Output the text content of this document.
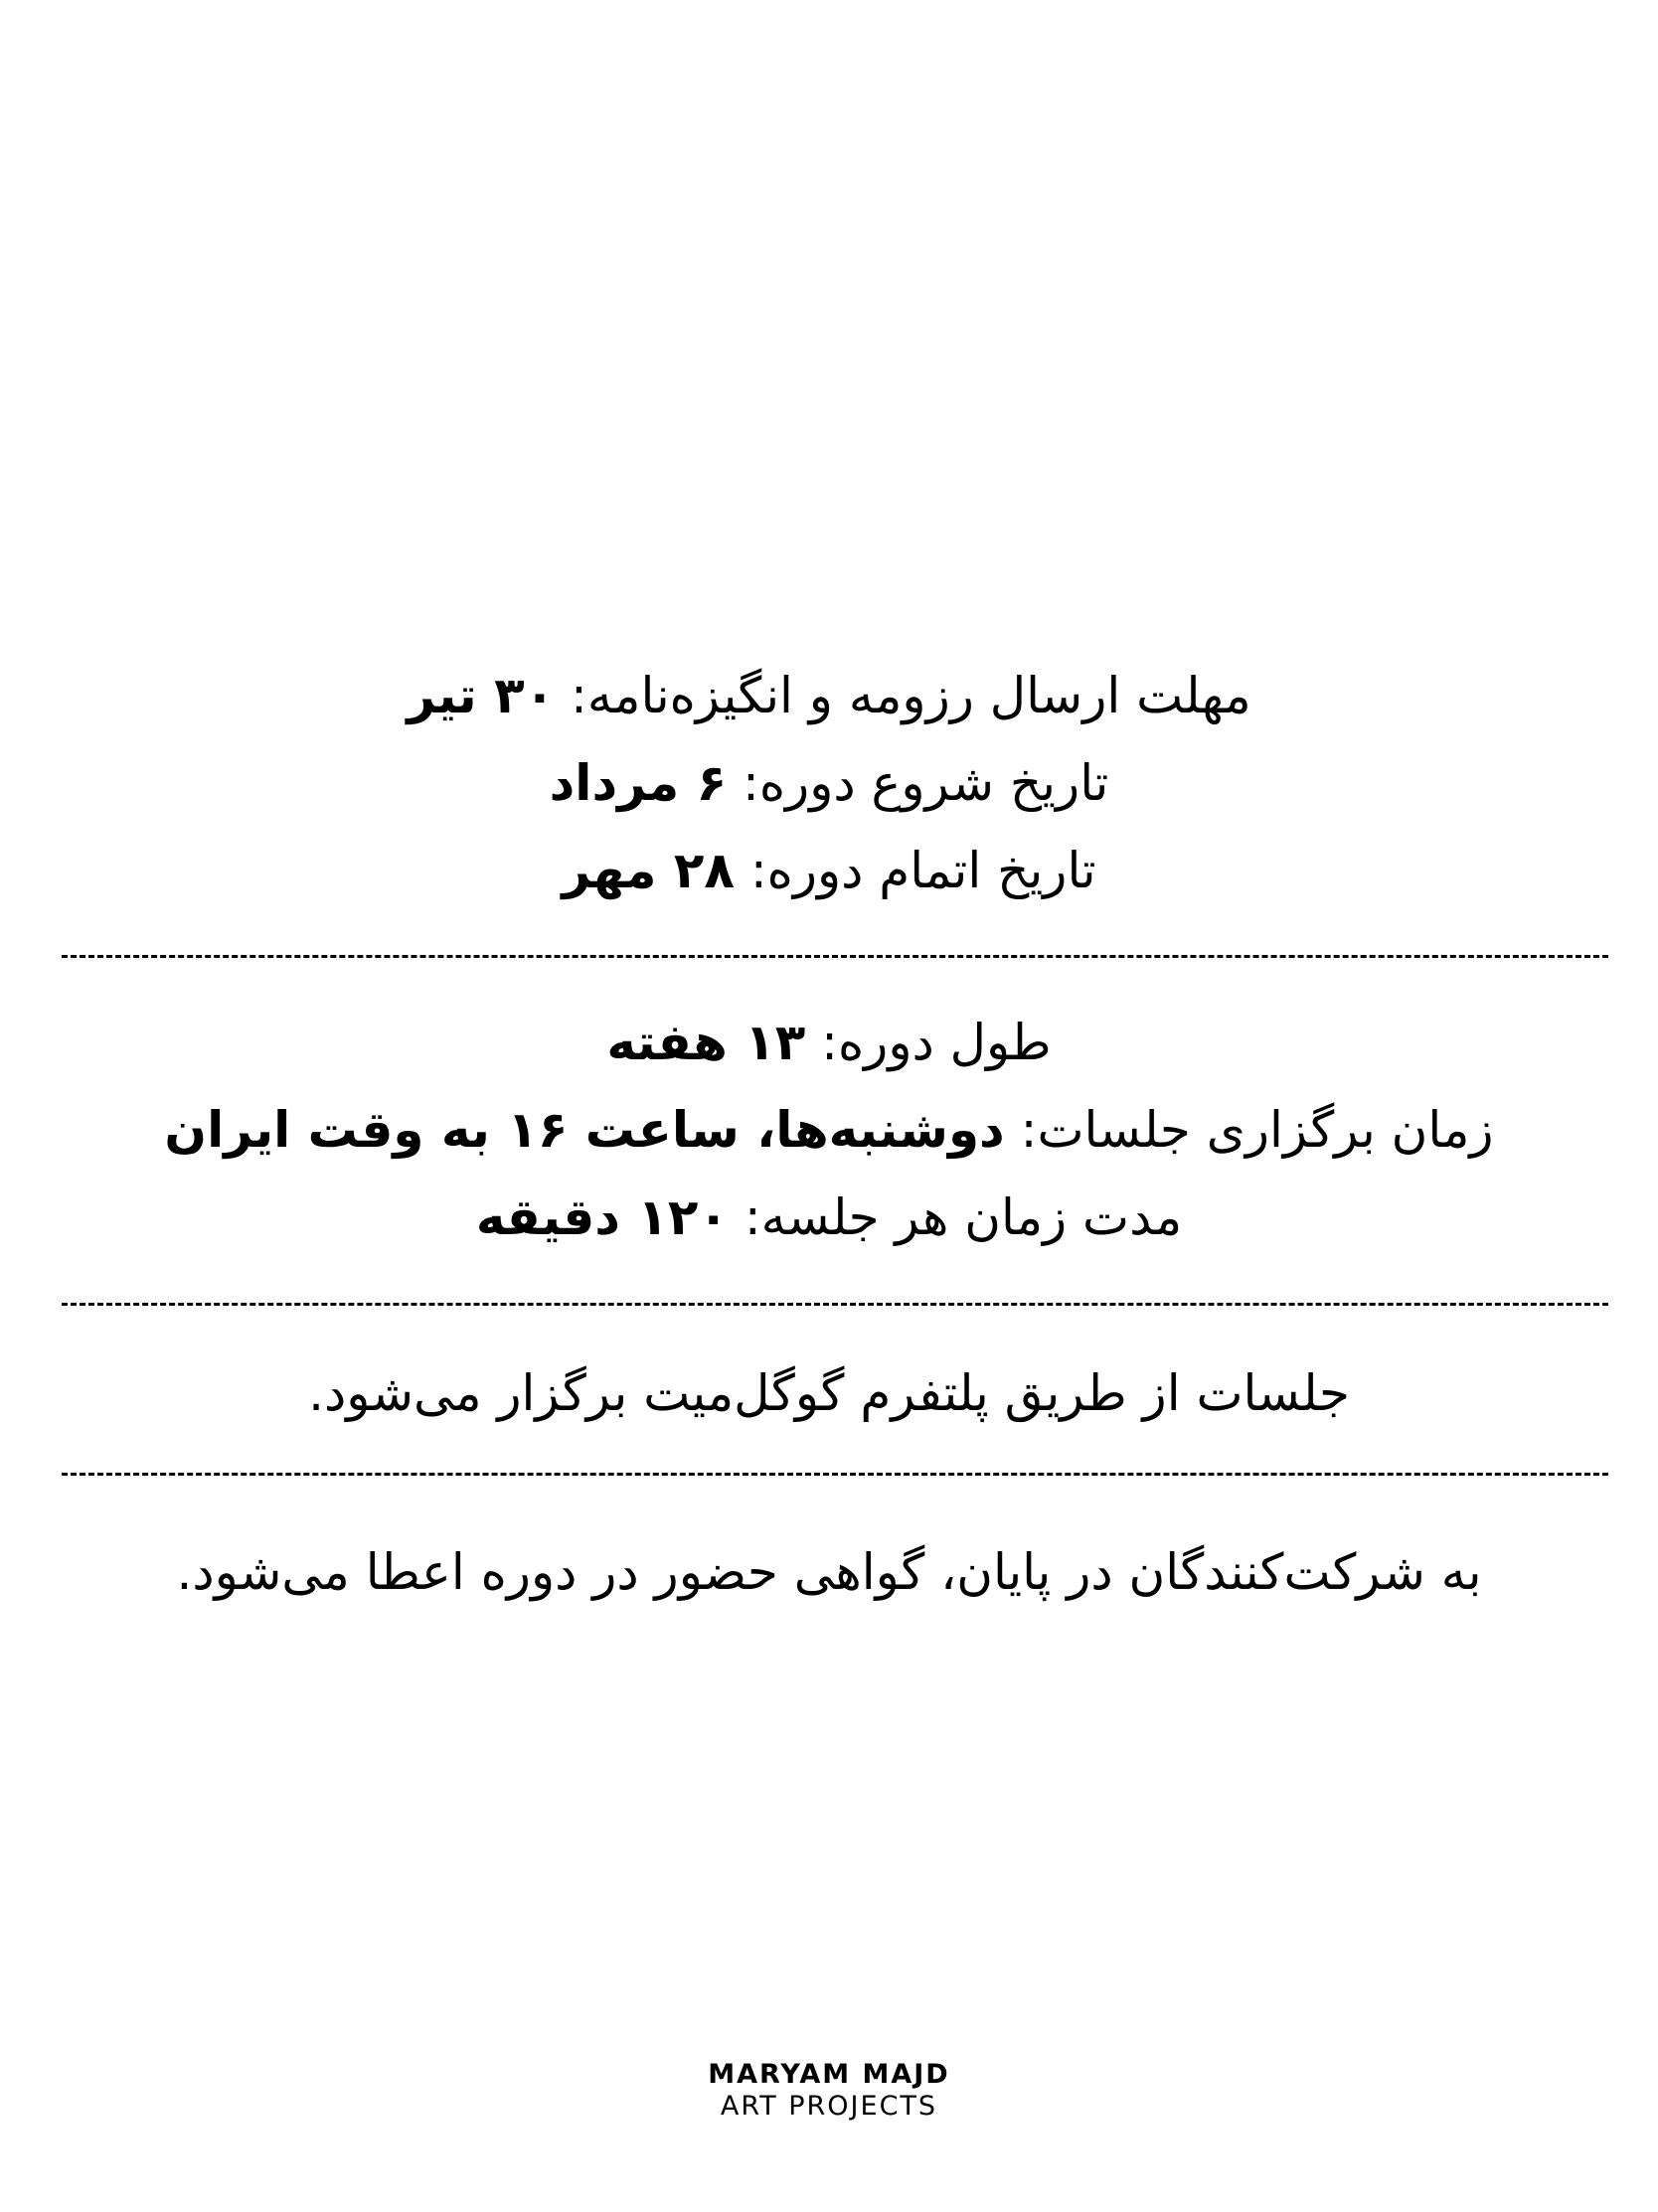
مهلت ارسال رزومه و انگیزه‌نامه: ۳۰ تیر
تاریخ شروع دوره: ۶ مرداد
تاریخ اتمام دوره: ۲۸ مهر
طول دوره: ۱۳ هفته
زمان برگزاری جلسات: دوشنبه‌ها، ساعت ۱۶ به وقت ایران
مدت زمان هر جلسه: ۱۲۰ دقیقه
جلسات از طریق پلتفرم گوگل‌میت برگزار می‌شود.
به شرکت‌کنندگان در پایان، گواهی حضور در دوره اعطا می‌شود.
MARYAM MAJD
ART PROJECTS
